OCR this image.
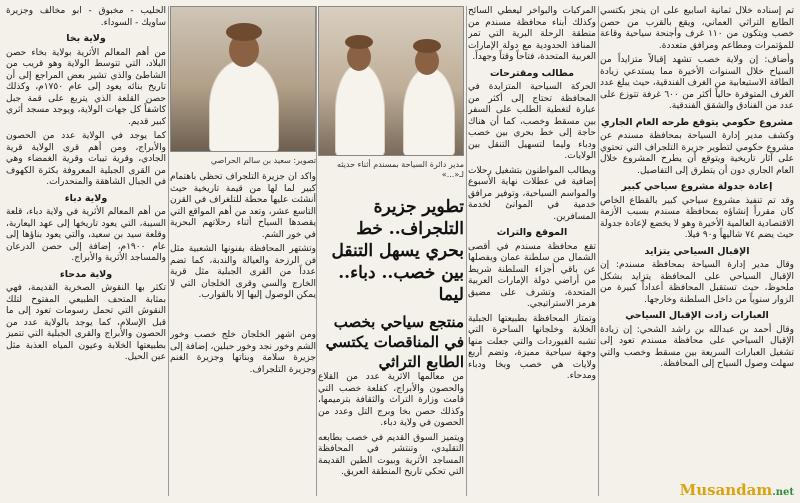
تم إسناده خلال ثمانية أسابيع على أن ينجز بكتسي الطابع التراثي العماني، ويقع بالقرب من حصن خصب ويتكون من ١١٠ غرف وأجنحة سياحية وقاعة للمؤتمرات ومطاعم ومرافق متعددة.

وأضاف: إن ولاية خصب تشهد إقبالاً متزايداً من السياح خلال السنوات الأخيرة مما يستدعي زيادة الطاقة الاستيعابية من الغرف الفندقية، حيث يبلغ عدد الغرف المتوفرة حالياً أكثر من ٦٠٠ غرفة تتوزع على عدد من الفنادق والشقق الفندقية.

مشروع حكومي يتوقع طرحه العام الجاري

وكشف مدير إدارة السياحة بمحافظة مسندم عن مشروع حكومي لتطوير جزيرة التلجراف التي تحتوي على آثار تاريخية ويتوقع أن يطرح المشروع خلال العام الجاري دون أن يتطرق إلى التفاصيل.

إعادة جدولة مشروع سياحي كبير

وقد تم تنفيذ مشروع سياحي كبير بالقطاع الخاص كان مقرراً إنشاؤه بمحافظة مسندم بسبب الأزمة الاقتصادية العالمية الأخيرة وهو لا يخضع لإعادة جدولة حيث يضم ٧٤ شاليهاً و٩٠ فيلا.

الإقبال السياحي يتزايد

وقال مدير إدارة السياحة بمحافظة مسندم: إن الإقبال السياحي على المحافظة يتزايد بشكل ملحوظ، حيث تستقبل المحافظة أعداداً كبيرة من الزوار سنوياً من داخل السلطنة وخارجها.

العبارات زادت الإقبال السياحي

وقال أحمد بن عبدالله بن راشد الشحي: إن زيادة الإقبال السياحي على محافظة مسندم تعود إلى تشغيل العبارات السريعة بين مسقط وخصب والتي سهلت وصول السياح إلى المحافظة.

المركبات والبواخر ليعطي السائح وكذلك أبناء محافظة مسندم من منطقة الرحلة البرية التي تمر المنافذ الحدودية مع دولة الإمارات العربية المتحدة، فتاحاً وقتاً وجهداً.

مطالب ومقترحات

الحركة السياحية المتزايدة في المحافظة تحتاج إلى أكثر من عبارة لتغطية الطلب على السفر بين مسقط وخصب، كما أن هناك حاجة إلى خط بحري بين خصب ودباء وليما لتسهيل التنقل بين الولايات.

ويطالب المواطنون بتشغيل رحلات إضافية في عطلات نهاية الأسبوع والمواسم السياحية، وتوفير مرافق خدمية في الموانئ لخدمة المسافرين.

الموقع والتراث

تقع محافظة مسندم في أقصى الشمال من سلطنة عمان ويفصلها عن باقي أجزاء السلطنة شريط من أراضي دولة الإمارات العربية المتحدة، وتشرف على مضيق هرمز الاستراتيجي.

وتمتاز المحافظة بطبيعتها الجبلية الخلابة وخلجانها الساحرة التي تشبه الفيوردات والتي جعلت منها وجهة سياحية مميزة، وتضم أربع ولايات هي خصب وبخا ودباء ومدحاء.

مدير دائرة السياحة بمسندم أثناء حديثه لـ«...»
تطوير جزيرة التلجراف.. خط بحري يسهل التنقل بين خصب.. دباء.. ليما
منتجع سياحي بخصب في المناقصات يكتسي الطابع التراثي

من معالمها الأثرية عدد من القلاع والحصون والأبراج، كقلعة خصب التي قامت وزارة التراث والثقافة بترميمها، وكذلك حصن بخا وبرج التل وعدد من الحصون في ولاية دباء.

ويتميز السوق القديم في خصب بطابعه التقليدي، وتنتشر في المحافظة المساجد الأثرية وبيوت الطين القديمة التي تحكي تاريخ المنطقة العريق.

تصوير: سعيد بن سالم الحراصي

وأكد أن جزيرة التلجراف تحظى باهتمام كبير لما لها من قيمة تاريخية حيث أنشئت عليها محطة للتلغراف في القرن التاسع عشر، وتعد من أهم المواقع التي يقصدها السياح أثناء رحلاتهم البحرية في خور الشم.

وتشتهر المحافظة بفنونها الشعبية مثل فن الرزحة والعيالة والندبة، كما تضم عدداً من القرى الجبلية مثل قرية الخارج والسي وقرى الخلجان التي لا يمكن الوصول إليها إلا بالقوارب.

ومن أشهر الخلجان خلج خصب وخور الشم وخور نجد وخور حبلين، إضافة إلى جزيرة سلامة وبناتها وجزيرة الغنم وجزيرة التلجراف.

الحليب - مخبوق - أبو مخالف وجزيرة ساويك - السوداء.

ولاية بخا

من أهم المعالم الأثرية بولاية بخاء حصن البلاد، التي تتوسط الولاية وهو قريب من الشاطئ والذي تشير بعض المراجع إلى أن تاريخ بنائه يعود إلى عام ١٧٥٠م، وكذلك حصن القلعة الذي يتربع على قمة جبل كاشفاً كل جهات الولاية، ويوجد مسجد أثري كبير قديم.

كما يوجد في الولاية عدد من الحصون والأبراج، ومن أهم قرى الولاية قرية الجادي، وقرية تيبات وقرية الغمضاء وهي من القرى الجبلية المعروفة بكثرة الكهوف في الجبال الشاهقة والمنحدرات.

ولاية دباء

من أهم المعالم الأثرية في ولاية دباء، قلعة السيبة، التي يعود تاريخها إلى عهد اليعاربة، وقلعة سيد بن سعيد، والتي يعود بناؤها إلى عام ١٩٠٠م، إضافة إلى حصن الدرعان والمساجد الأثرية والأبراج.

ولاية مدحاء

تكثر بها النقوش الصخرية القديمة، فهي بمثابة المتحف الطبيعي المفتوح لتلك النقوش التي تحمل رسومات تعود إلى ما قبل الإسلام، كما يوجد بالولاية عدد من الحصون والأبراج والقرى الجبلية التي تتميز بطبيعتها الخلابة وعيون المياه العذبة مثل عين الحيل.

Musandam.net
